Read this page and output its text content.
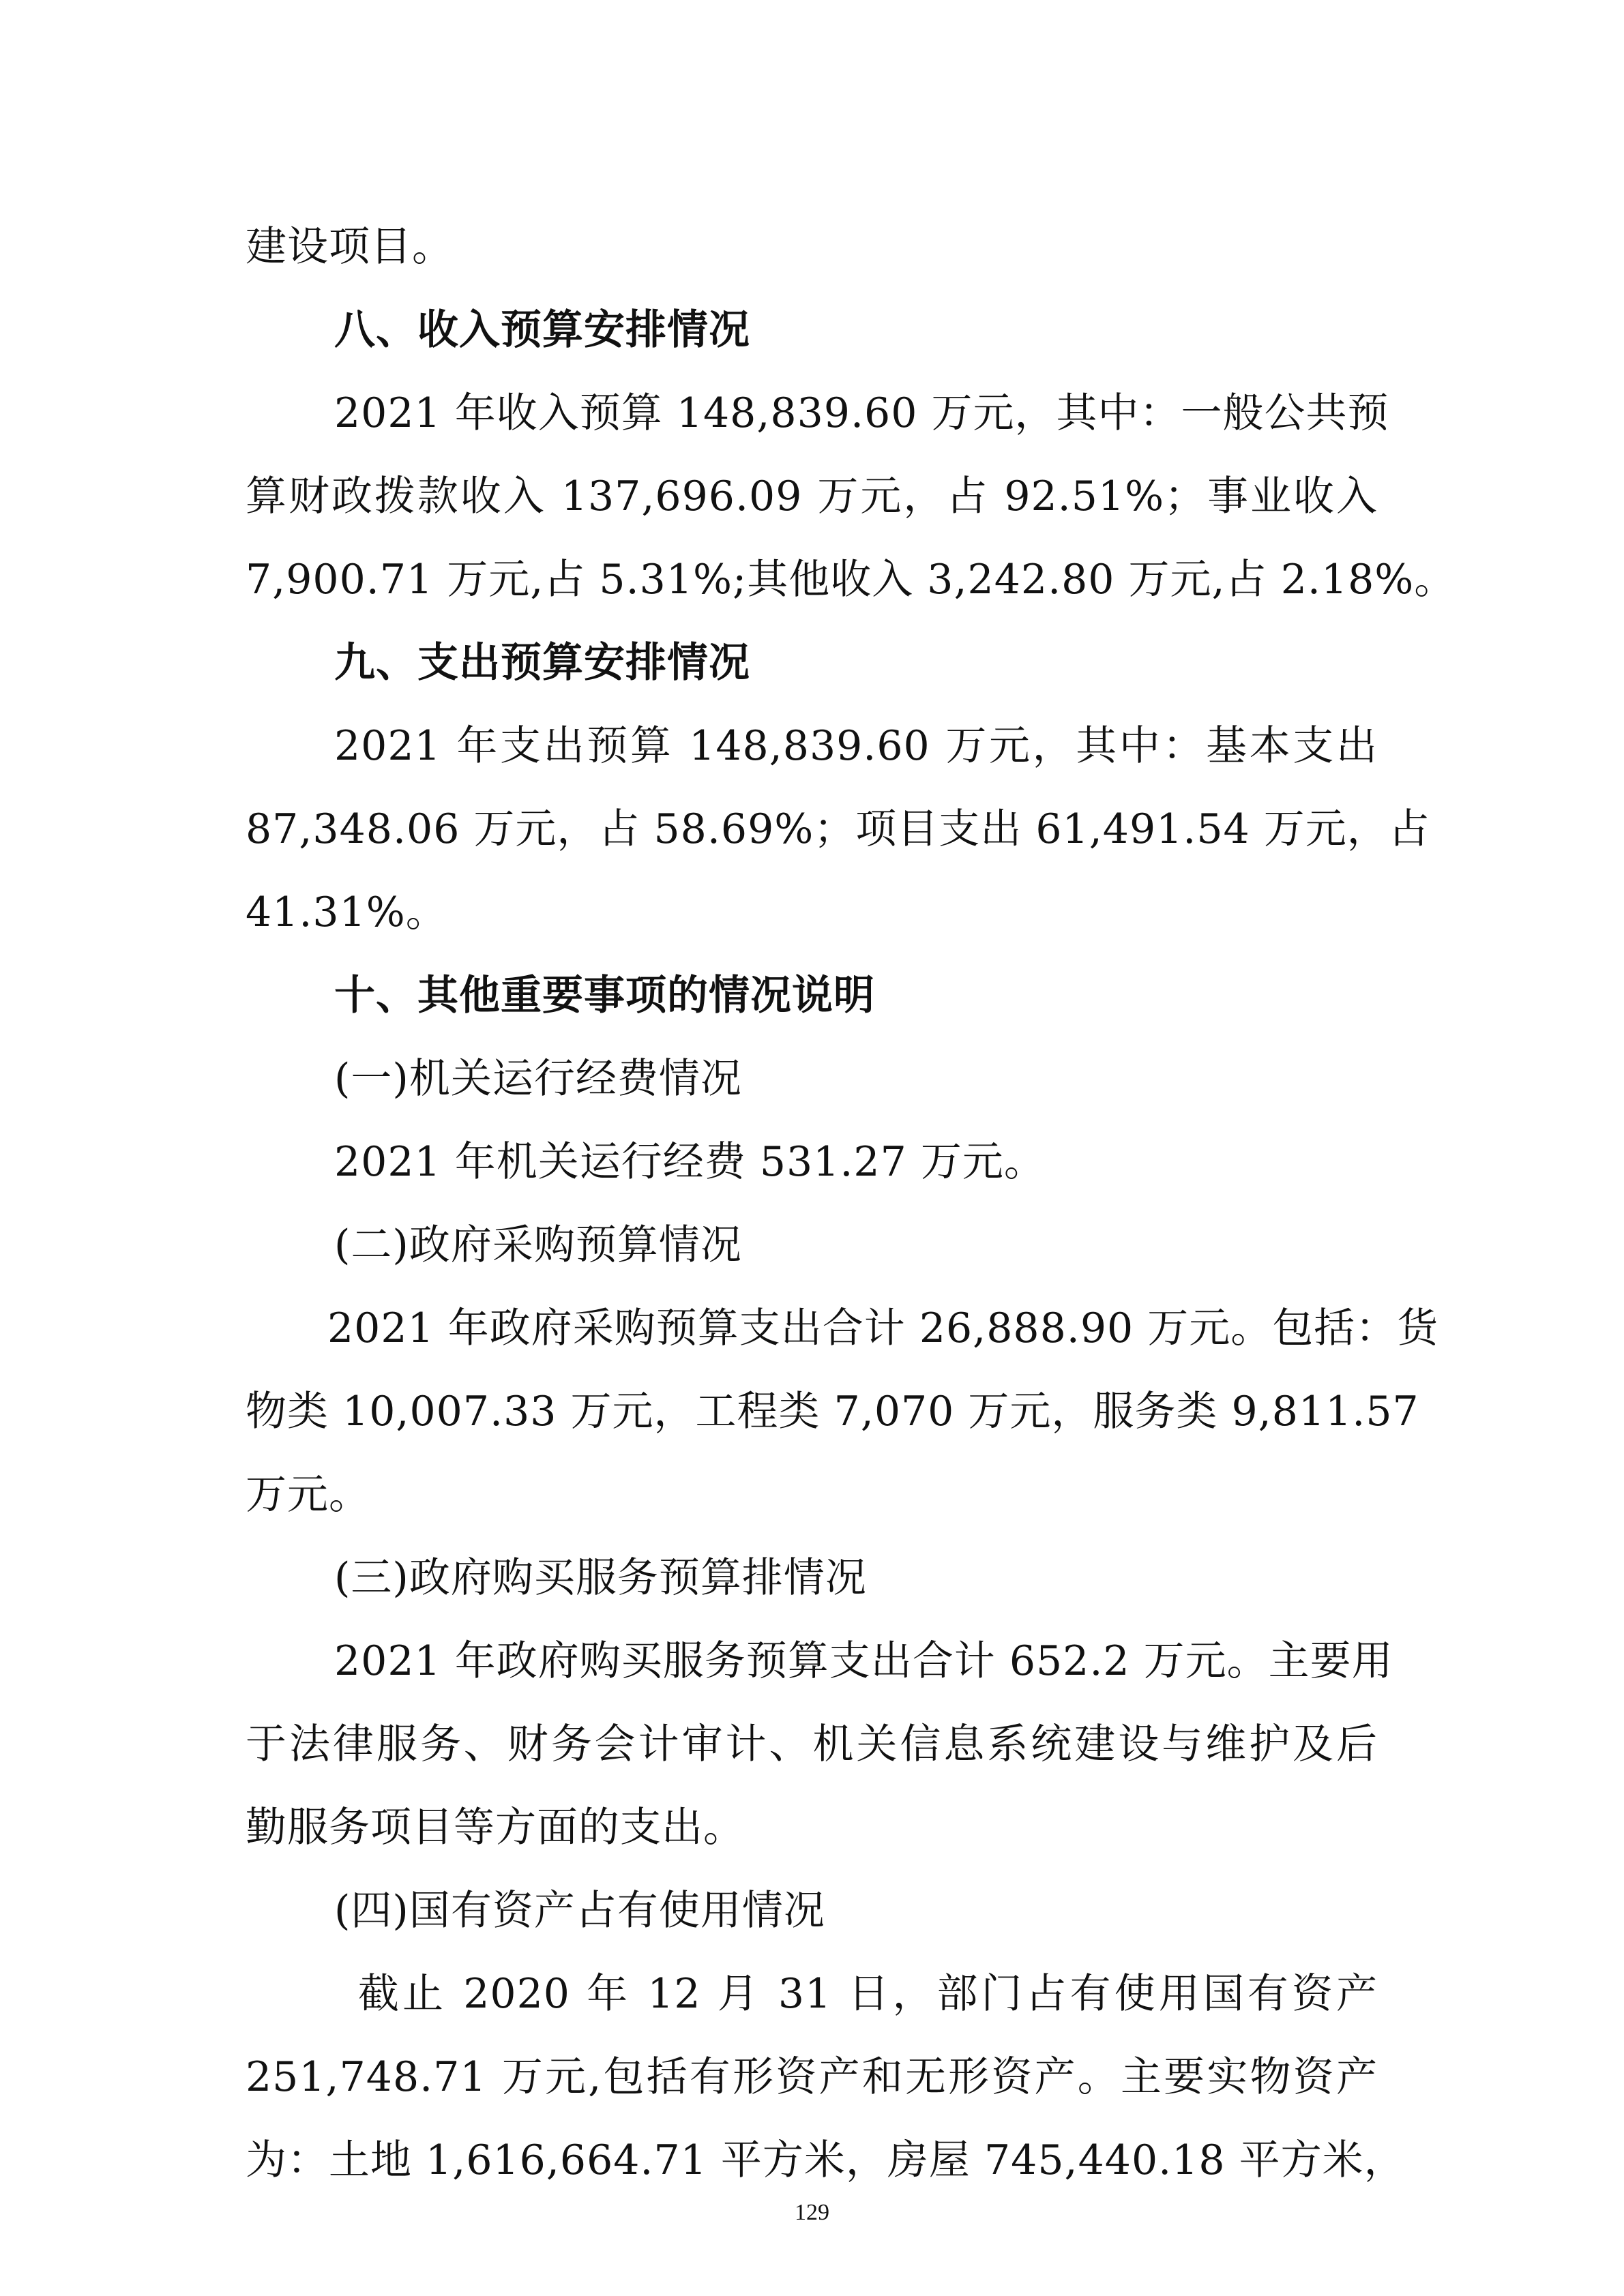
建设项目。
八、收入预算安排情况
2021 年收入预算 148,839.60 万元，其中：一般公共预
算财政拨款收入 137,696.09 万元，占 92.51%；事业收入
7,900.71 万元,占 5.31%;其他收入 3,242.80 万元,占 2.18%。
九、支出预算安排情况
2021 年支出预算 148,839.60 万元，其中：基本支出
87,348.06 万元，占 58.69%；项目支出 61,491.54 万元，占
41.31%。
十、其他重要事项的情况说明
(一)机关运行经费情况
2021 年机关运行经费 531.27 万元。
(二)政府采购预算情况
2021 年政府采购预算支出合计 26,888.90 万元。包括：货
物类 10,007.33 万元，工程类 7,070 万元，服务类 9,811.57
万元。
(三)政府购买服务预算排情况
2021 年政府购买服务预算支出合计 652.2 万元。主要用
于法律服务、财务会计审计、机关信息系统建设与维护及后
勤服务项目等方面的支出。
(四)国有资产占有使用情况
截止 2020 年 12 月 31 日，部门占有使用国有资产
251,748.71 万元,包括有形资产和无形资产。主要实物资产
为：土地 1,616,664.71 平方米，房屋 745,440.18 平方米，
129
